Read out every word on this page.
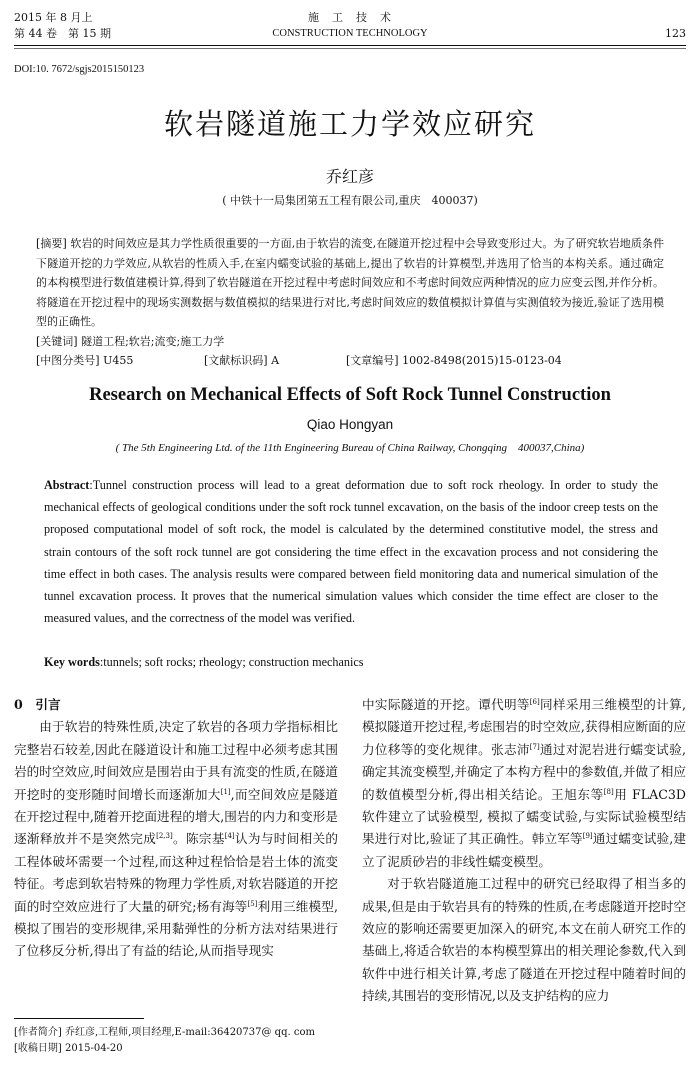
2015 年 8 月上
第 44 卷　第 15 期
施　工　技　术
CONSTRUCTION TECHNOLOGY	123
DOI:10. 7672/sgjs2015150123
软岩隧道施工力学效应研究
乔红彦
( 中铁十一局集团第五工程有限公司,重庆　400037)
[摘要] 软岩的时间效应是其力学性质很重要的一方面,由于软岩的流变,在隧道开挖过程中会导致变形过大。为了研究软岩地质条件下隧道开挖的力学效应,从软岩的性质入手,在室内蠕变试验的基础上,提出了软岩的计算模型,并选用了恰当的本构关系。通过确定的本构模型进行数值建模计算,得到了软岩隧道在开挖过程中考虑时间效应和不考虑时间效应两种情况的应力应变云图,并作分析。将隧道在开挖过程中的现场实测数据与数值模拟的结果进行对比,考虑时间效应的数值模拟计算值与实测值较为接近,验证了选用模型的正确性。
[关键词] 隧道工程;软岩;流变;施工力学
[中图分类号] U455	[文献标识码] A	[文章编号] 1002-8498(2015)15-0123-04
Research on Mechanical Effects of Soft Rock Tunnel Construction
Qiao Hongyan
( The 5th Engineering Ltd. of the 11th Engineering Bureau of China Railway, Chongqing　400037,China)
Abstract:Tunnel construction process will lead to a great deformation due to soft rock rheology. In order to study the mechanical effects of geological conditions under the soft rock tunnel excavation, on the basis of the indoor creep tests on the proposed computational model of soft rock, the model is calculated by the determined constitutive model, the stress and strain contours of the soft rock tunnel are got considering the time effect in the excavation process and not considering the time effect in both cases. The analysis results were compared between field monitoring data and numerical simulation of the tunnel excavation process. It proves that the numerical simulation values which consider the time effect are closer to the measured values, and the correctness of the model was verified.
Key words:tunnels; soft rocks; rheology; construction mechanics

0　引言

由于软岩的特殊性质,决定了软岩的各项力学指标相比完整岩石较差,因此在隧道设计和施工过程中必须考虑其围岩的时空效应,时间效应是围岩由于具有流变的性质,在隧道开挖时的变形随时间增长而逐渐加大[1],而空间效应是隧道在开挖过程中,随着开挖面进程的增大,围岩的内力和变形是逐渐释放并不是突然完成[2,3]。陈宗基[4]认为与时间相关的工程体破坏需要一个过程,而这种过程恰恰是岩土体的流变特征。考虑到软岩特殊的物理力学性质,对软岩隧道的开挖面的时空效应进行了大量的研究;杨有海等[5]利用三维模型,模拟了围岩的变形规律,采用黏弹性的分析方法对结果进行了位移反分析,得出了有益的结论,从而指导现实

[作者简介] 乔红彦,工程师,项目经理,E-mail:36420737@ qq. com
[收稿日期] 2015-04-20

中实际隧道的开挖。谭代明等[6]同样采用三维模型的计算,模拟隧道开挖过程,考虑围岩的时空效应,获得相应断面的应力位移等的变化规律。张志沛[7]通过对泥岩进行蠕变试验,确定其流变模型,并确定了本构方程中的参数值,并做了相应的数值模型分析,得出相关结论。王旭东等[8]用 FLAC3D 软件建立了试验模型, 模拟了蠕变试验,与实际试验模型结果进行对比,验证了其正确性。韩立军等[9]通过蠕变试验,建立了泥质砂岩的非线性蠕变模型。

对于软岩隧道施工过程中的研究已经取得了相当多的成果,但是由于软岩具有的特殊的性质,在考虑隧道开挖时空效应的影响还需要更加深入的研究,本文在前人研究工作的基础上,将适合软岩的本构模型算出的相关理论参数,代入到软件中进行相关计算,考虑了隧道在开挖过程中随着时间的持续,其围岩的变形情况,以及支护结构的应力
